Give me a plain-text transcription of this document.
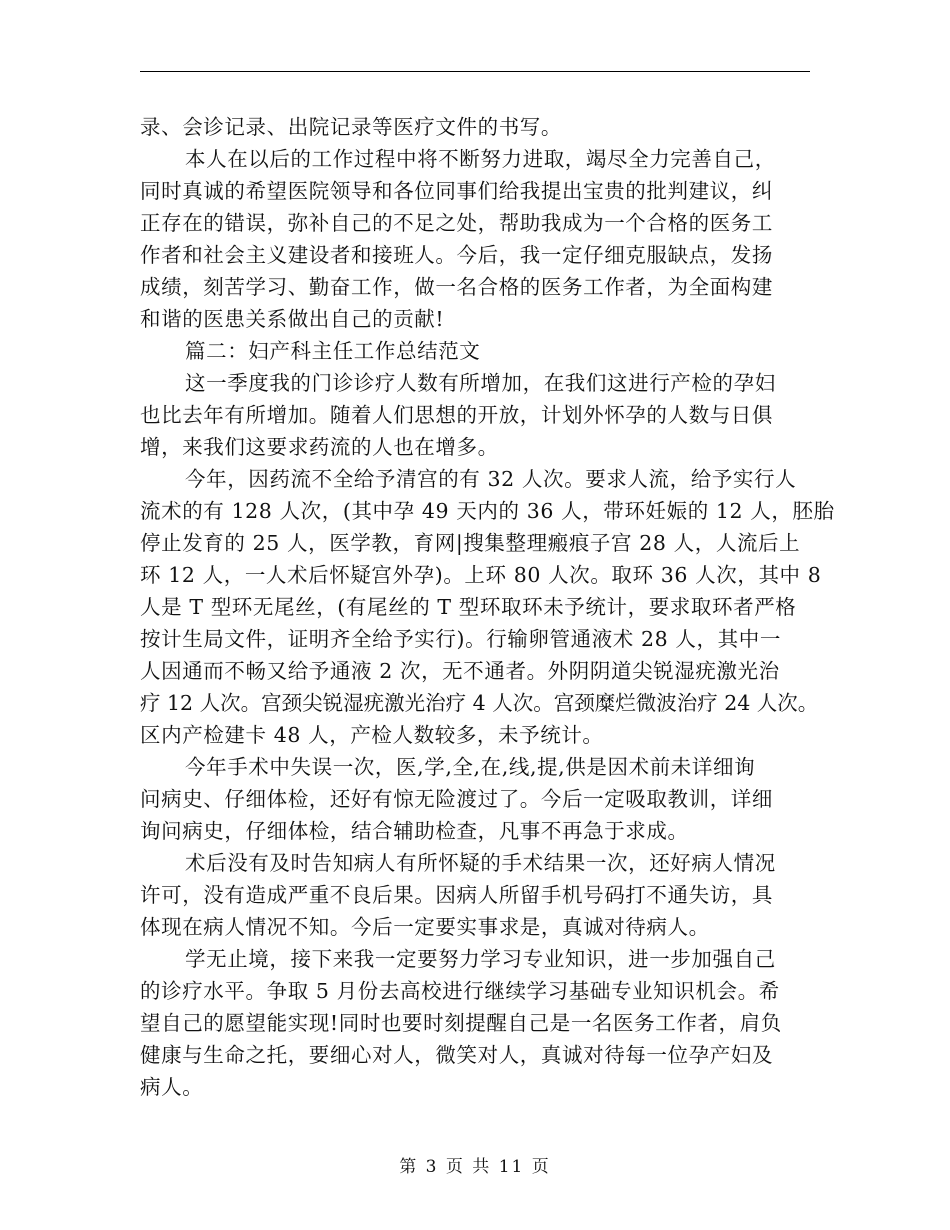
录、会诊记录、出院记录等医疗文件的书写。
本人在以后的工作过程中将不断努力进取，竭尽全力完善自己，
同时真诚的希望医院领导和各位同事们给我提出宝贵的批判建议，纠
正存在的错误，弥补自己的不足之处，帮助我成为一个合格的医务工
作者和社会主义建设者和接班人。今后，我一定仔细克服缺点，发扬
成绩，刻苦学习、勤奋工作，做一名合格的医务工作者，为全面构建
和谐的医患关系做出自己的贡献!
篇二：妇产科主任工作总结范文
这一季度我的门诊诊疗人数有所增加，在我们这进行产检的孕妇
也比去年有所增加。随着人们思想的开放，计划外怀孕的人数与日俱
增，来我们这要求药流的人也在增多。
今年，因药流不全给予清宫的有 32 人次。要求人流，给予实行人
流术的有 128 人次，(其中孕 49 天内的 36 人，带环妊娠的 12 人，胚胎
停止发育的 25 人，医学教，育网|搜集整理瘢痕子宫 28 人，人流后上
环 12 人，一人术后怀疑宫外孕)。上环 80 人次。取环 36 人次，其中 8
人是 T 型环无尾丝，(有尾丝的 T 型环取环未予统计，要求取环者严格
按计生局文件，证明齐全给予实行)。行输卵管通液术 28 人，其中一
人因通而不畅又给予通液 2 次，无不通者。外阴阴道尖锐湿疣激光治
疗 12 人次。宫颈尖锐湿疣激光治疗 4 人次。宫颈糜烂微波治疗 24 人次。
区内产检建卡 48 人，产检人数较多，未予统计。
今年手术中失误一次，医,学,全,在,线,提,供是因术前未详细询
问病史、仔细体检，还好有惊无险渡过了。今后一定吸取教训，详细
询问病史，仔细体检，结合辅助检查，凡事不再急于求成。
术后没有及时告知病人有所怀疑的手术结果一次，还好病人情况
许可，没有造成严重不良后果。因病人所留手机号码打不通失访，具
体现在病人情况不知。今后一定要实事求是，真诚对待病人。
学无止境，接下来我一定要努力学习专业知识，进一步加强自己
的诊疗水平。争取 5 月份去高校进行继续学习基础专业知识机会。希
望自己的愿望能实现!同时也要时刻提醒自己是一名医务工作者，肩负
健康与生命之托，要细心对人，微笑对人，真诚对待每一位孕产妇及
病人。
第 3 页 共 11 页
